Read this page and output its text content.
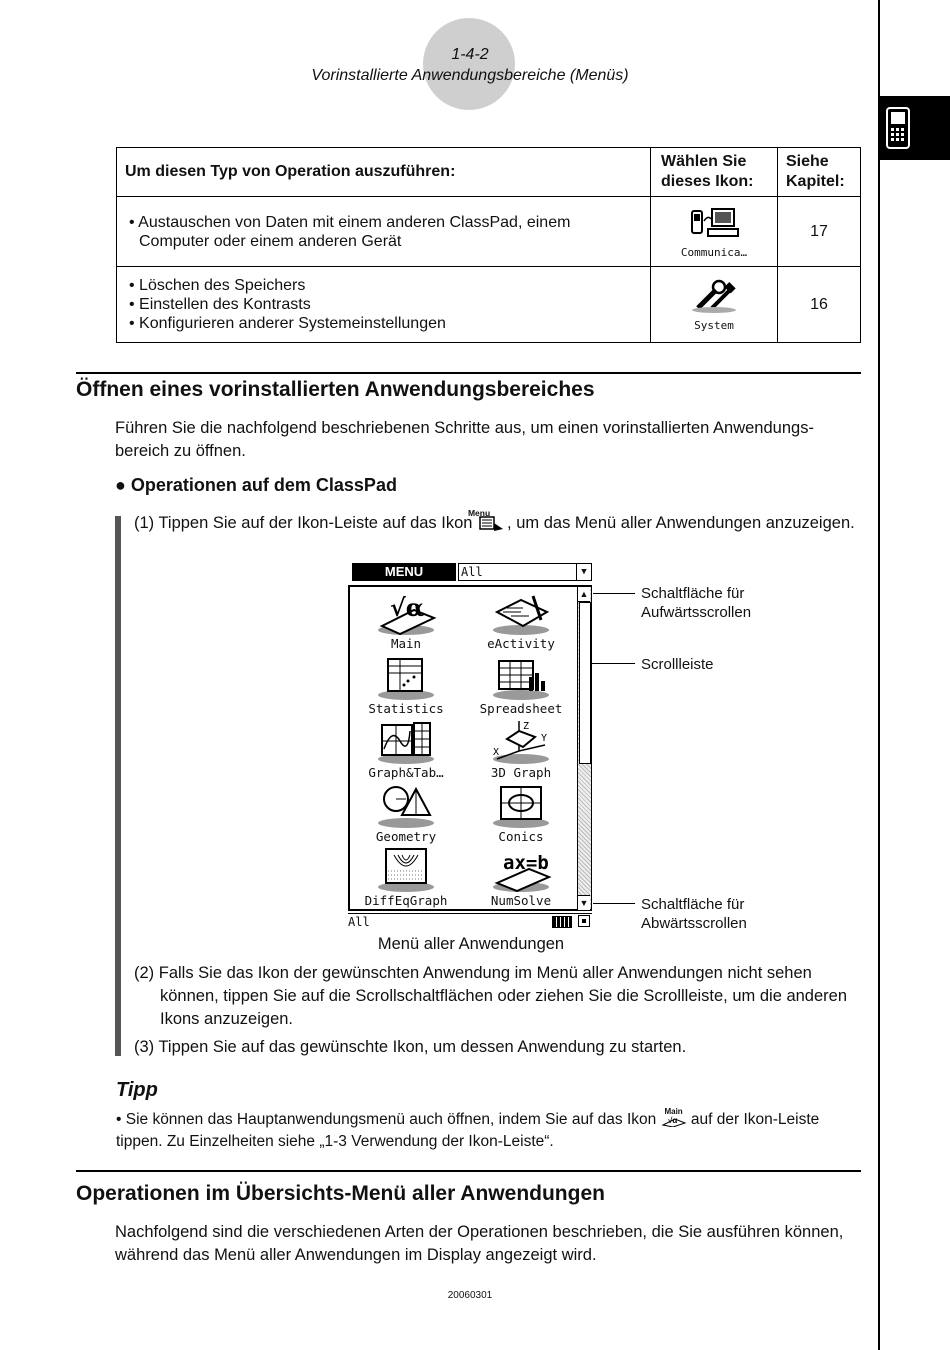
1-4-2
Vorinstallierte Anwendungsbereiche (Menüs)
Um diesen Typ von Operation auszuführen:	Wählen Sie dieses Ikon:	Siehe Kapitel:

• Austauschen von Daten mit einem anderen ClassPad, einem Computer oder einem anderen Gerät	Communica…	17

• Löschen des Speichers
• Einstellen des Kontrasts
• Konfigurieren anderer Systemeinstellungen	System	16
Öffnen eines vorinstallierten Anwendungsbereiches
Führen Sie die nachfolgend beschriebenen Schritte aus, um einen vorinstallierten Anwendungs-bereich zu öffnen.
● Operationen auf dem ClassPad
(1) Tippen Sie auf der Ikon-Leiste auf das Ikon
Menu
, um das Menü aller Anwendungen anzuzeigen.
MENU	All	▼
▲
▼
√α
Main	eActivity
Statistics	Spreadsheet
Graph&Tab…
Z
X
Y
3D Graph
Geometry	Conics
DiffEqGraph
ax=b
NumSolve
All
Schaltfläche für
Aufwärtsscrollen
Scrollleiste
Schaltfläche für
Abwärtsscrollen
Menü aller Anwendungen
(2) Falls Sie das Ikon der gewünschten Anwendung im Menü aller Anwendungen nicht sehen können, tippen Sie auf die Scrollschaltflächen oder ziehen Sie die Scrollleiste, um die anderen Ikons anzuzeigen.
(3) Tippen Sie auf das gewünschte Ikon, um dessen Anwendung zu starten.
Tipp
• Sie können das Hauptanwendungsmenü auch öffnen, indem Sie auf das Ikon Main
√α auf der Ikon-Leiste tippen. Zu Einzelheiten siehe „1-3 Verwendung der Ikon-Leiste“.
Operationen im Übersichts-Menü aller Anwendungen
Nachfolgend sind die verschiedenen Arten der Operationen beschrieben, die Sie ausführen können, während das Menü aller Anwendungen im Display angezeigt wird.
20060301
